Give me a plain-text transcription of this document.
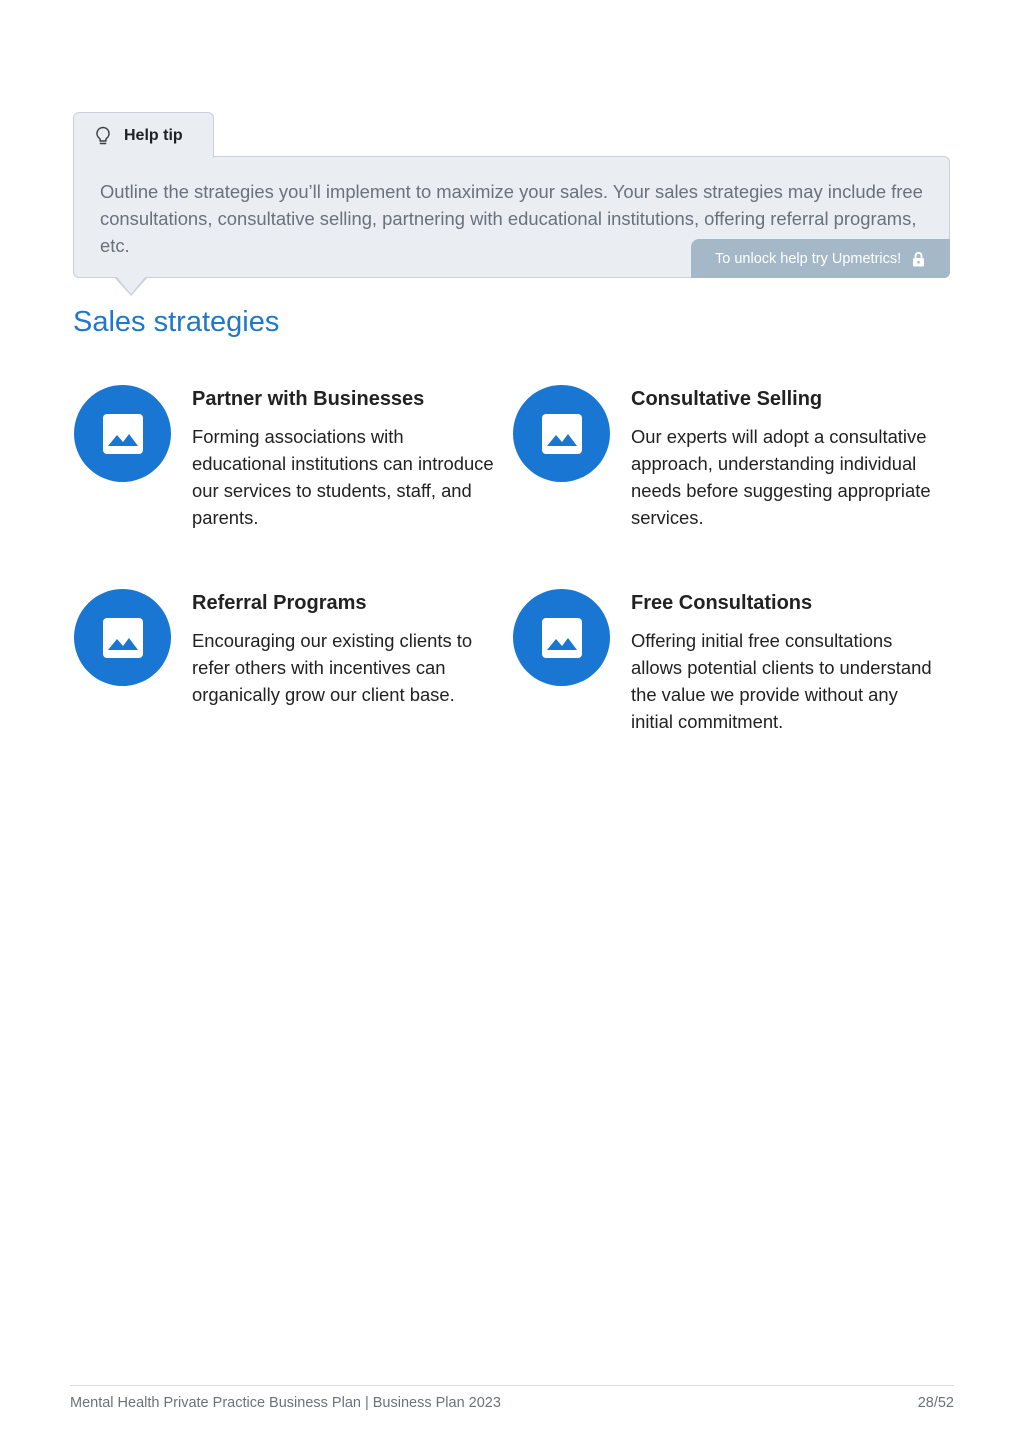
Help tip

Outline the strategies you’ll implement to maximize your sales. Your sales strategies may include free consultations, consultative selling, partnering with educational institutions, offering referral programs, etc.

To unlock help try Upmetrics!
Sales strategies
Partner with Businesses

Forming associations with educational institutions can introduce our services to students, staff, and parents.

Consultative Selling

Our experts will adopt a consultative approach, understanding individual needs before suggesting appropriate services.

Referral Programs

Encouraging our existing clients to refer others with incentives can organically grow our client base.

Free Consultations

Offering initial free consultations allows potential clients to understand the value we provide without any initial commitment.

Mental Health Private Practice Business Plan | Business Plan 2023	28/52
